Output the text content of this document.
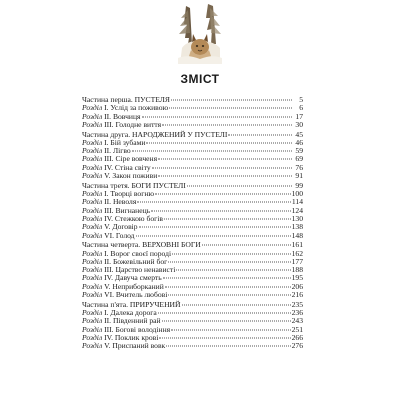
ЗМІСТ
Частина перша. ПУСТЕЛЯ	5
Розділ I. Услід за поживою	6
Розділ II. Вовчиця	17
Розділ III. Голодне виття	30
Частина друга. НАРОДЖЕНИЙ У ПУСТЕЛІ	45
Розділ I. Бій зубами	46
Розділ II. Лігво	59
Розділ III. Сіре вовченя	69
Розділ IV. Стіна світу	76
Розділ V. Закон поживи	91
Частина третя. БОГИ ПУСТЕЛІ	99
Розділ I. Творці вогню	100
Розділ II. Неволя	114
Розділ III. Вигнанець	124
Розділ IV. Стежкою богів	130
Розділ V. Договір	138
Розділ VI. Голод	148
Частина четверта. ВЕРХОВНІ БОГИ	161
Розділ I. Ворог своєї породі	162
Розділ II. Божевільний бог	177
Розділ III. Царство ненависті	188
Розділ IV. Давуча смерть	195
Розділ V. Неприборканий	206
Розділ VI. Вчитель любові	216
Частина п'ята. ПРИРУЧЕНИЙ	235
Розділ I. Далека дорога	236
Розділ II. Південний рай	243
Розділ III. Богові володіння	251
Розділ IV. Поклик крові	266
Розділ V. Приспаний вовк	276
